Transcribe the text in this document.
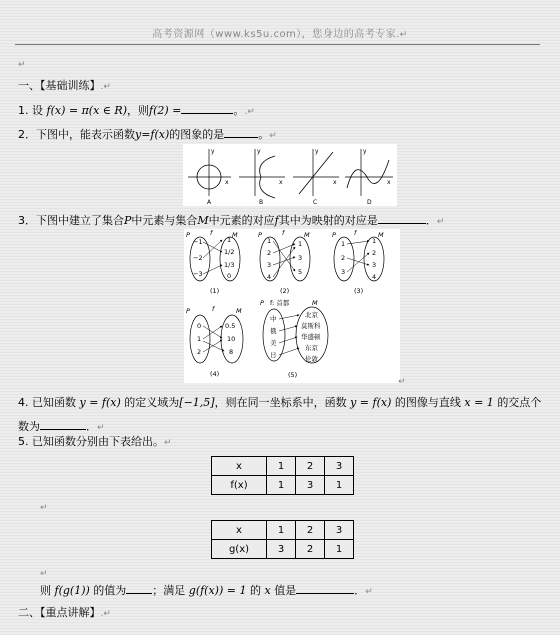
高考资源网（www.ks5u.com），您身边的高考专家.↵
↵
一、【基础训练】.↵
1. 设 f(x) = π(x ∈ R)，则f(2) =	。.↵
2．下图中，能表示函数y=f(x)的图象的是	。↵
x
y
A
x
y
B
x
y
C
x
y
D
3．下图中建立了集合P中元素与集合M中元素的对应f其中为映射的对应是	．↵
P	f	M
−1
−2
−3
1
1/2
1/3
0
(1)
P	f	M
1
2
3
4
1
3
5
(2)
P	f	M
1
2
3
1
2
3
4
(3)
P	f	M
0
1
2
0.5
10
8
(4)
P f: 首都	M
中
俄
美
日
北京
莫斯科
华盛顿
东京
伦敦
(5)
↵
4. 已知函数 y = f(x) 的定义域为[−1,5]，则在同一坐标系中，函数 y = f(x) 的图像与直线 x = 1 的交点个
数为	．↵
5. 已知函数分别由下表给出。↵
x	1	2	3
f(x)	1	3	1
↵
x	1	2	3
g(x)	3	2	1
↵
则 f(g(1)) 的值为 ；满足 g(f(x)) = 1 的 x 值是	．↵
二、【重点讲解】.↵
